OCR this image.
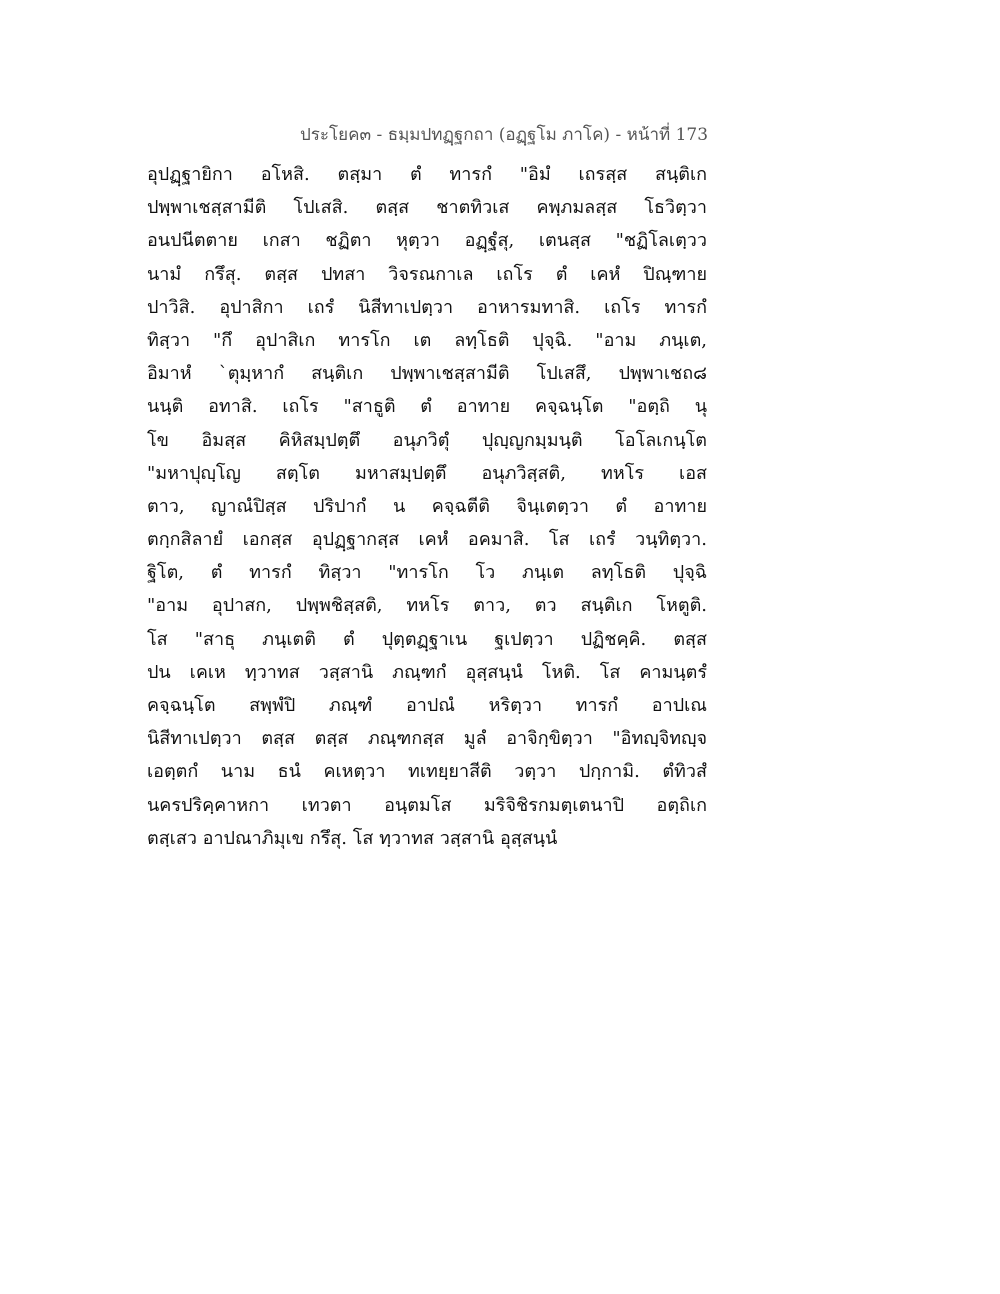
ประโยค๓ - ธมฺมปทฏฺฐกถา (อฏฺฐโม ภาโค) - หน้าที่ 173
อุปฏฺฐายิกา อโหสิ. ตสฺมา ตํ ทารกํ "อิมํ เถรสฺส สนฺติเก
ปพฺพาเชสฺสามีติ โปเสสิ. ตสฺส ชาตทิวเส คพฺภมลสฺส โธวิตฺวา
อนปนีตตาย เกสา ชฏิตา หุตฺวา อฏฺฐํสุ, เตนสฺส "ชฏิโลเตฺวว
นามํ กรึสุ. ตสฺส ปทสา วิจรณกาเล เถโร ตํ เคหํ ปิณฺฑาย
ปาวิสิ. อุปาสิกา เถรํ นิสีทาเปตฺวา อาหารมทาสิ. เถโร ทารกํ
ทิสฺวา "กึ อุปาสิเก ทารโก เต ลทฺโธติ ปุจฺฉิ. "อาม ภนฺเต,
อิมาหํ `ตุมฺหากํ สนฺติเก ปพฺพาเชสฺสามีติ โปเสสึ, ปพฺพาเชถ๘
นนฺติ อทาสิ. เถโร "สาธูติ ตํ อาทาย คจฺฉนฺโต "อตฺถิ นุ
โข อิมสฺส คิหิสมฺปตฺตึ อนุภวิตุํ ปุญฺญกมฺมนฺติ โอโลเกนฺโต
"มหาปุญฺโญ สตฺโต มหาสมฺปตฺตึ อนุภวิสฺสติ, ทหโร เอส
ตาว, ญาณํปิสฺส ปริปากํ น คจฺฉตีติ จินฺเตตฺวา ตํ อาทาย
ตกฺกสิลายํ เอกสฺส อุปฏฺฐากสฺส เคหํ อคมาสิ. โส เถรํ วนฺทิตฺวา.
ฐิโต, ตํ ทารกํ ทิสฺวา "ทารโก โว ภนฺเต ลทฺโธติ ปุจฺฉิ
"อาม อุปาสก, ปพฺพชิสฺสติ, ทหโร ตาว, ตว สนฺติเก โหตูติ.
โส "สาธุ ภนฺเตติ ตํ ปุตฺตฏฺฐาเน ฐเปตฺวา ปฏิชคฺคิ. ตสฺส
ปน เคเห ทฺวาทส วสฺสานิ ภณฺฑกํ อุสฺสนฺนํ โหติ. โส คามนฺตรํ
คจฺฉนฺโต สพฺพํปิ ภณฺฑํ อาปณํ หริตฺวา ทารกํ อาปเณ
นิสีทาเปตฺวา ตสฺส ตสฺส ภณฺฑกสฺส มูลํ อาจิกฺขิตฺวา "อิทญฺจิทญฺจ
เอตฺตกํ นาม ธนํ คเหตฺวา ทเทยฺยาสีติ วตฺวา ปกฺกามิ. ตํทิวสํ
นครปริคฺคาหกา เทวตา อนฺตมโส มริจิชิรกมตฺเตนาปิ อตฺถิเก
ตสฺเสว อาปณาภิมุเข กรึสุ. โส ทฺวาทส วสฺสานิ อุสฺสนฺนํ
